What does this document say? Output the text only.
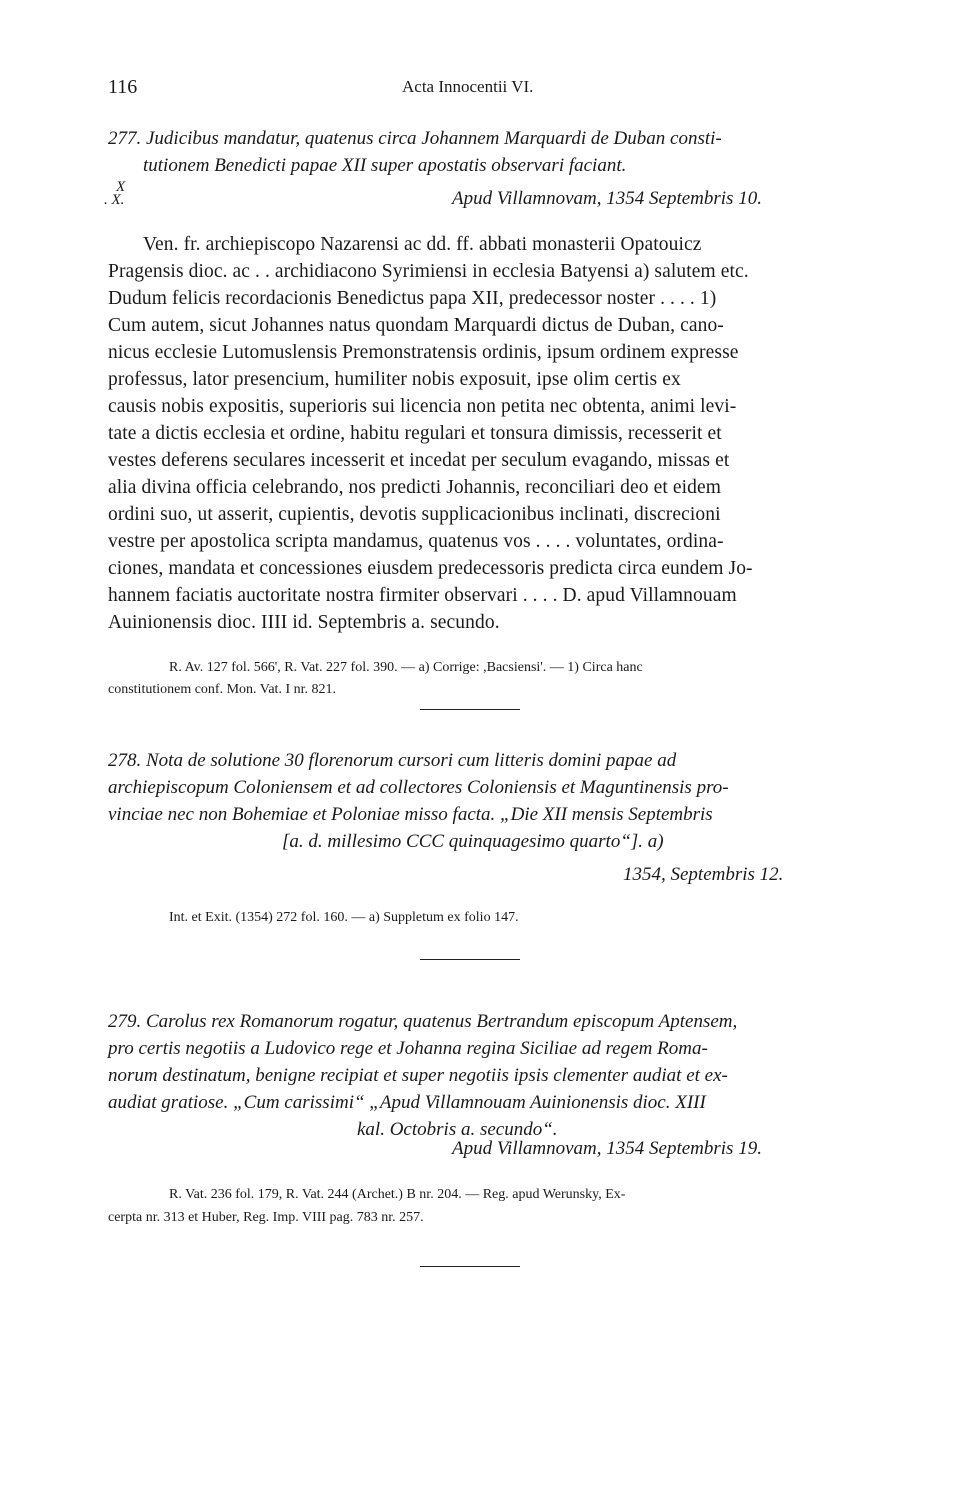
116	Acta Innocentii VI.
277. Judicibus mandatur, quatenus circa Johannem Marquardi de Duban consti-
tutionem Benedicti papae XII super apostatis observari faciant.
X
. X.	Apud Villamnovam, 1354 Septembris 10.
Ven. fr. archiepiscopo Nazarensi ac dd. ff. abbati monasterii Opatouicz
Pragensis dioc. ac . . archidiacono Syrimiensi in ecclesia Batyensi a) salutem etc.
Dudum felicis recordacionis Benedictus papa XII, predecessor noster . . . . 1)
Cum autem, sicut Johannes natus quondam Marquardi dictus de Duban, cano-
nicus ecclesie Lutomuslensis Premonstratensis ordinis, ipsum ordinem expresse
professus, lator presencium, humiliter nobis exposuit, ipse olim certis ex
causis nobis expositis, superioris sui licencia non petita nec obtenta, animi levi-
tate a dictis ecclesia et ordine, habitu regulari et tonsura dimissis, recesserit et
vestes deferens seculares incesserit et incedat per seculum evagando, missas et
alia divina officia celebrando, nos predicti Johannis, reconciliari deo et eidem
ordini suo, ut asserit, cupientis, devotis supplicacionibus inclinati, discrecioni
vestre per apostolica scripta mandamus, quatenus vos . . . . voluntates, ordina-
ciones, mandata et concessiones eiusdem predecessoris predicta circa eundem Jo-
hannem faciatis auctoritate nostra firmiter observari . . . . D. apud Villamnouam
Auinionensis dioc. IIII id. Septembris a. secundo.
R. Av. 127 fol. 566', R. Vat. 227 fol. 390. — a) Corrige: ,Bacsiensi'. — 1) Circa hanc
constitutionem conf. Mon. Vat. I nr. 821.
278. Nota de solutione 30 florenorum cursori cum litteris domini papae ad
archiepiscopum Coloniensem et ad collectores Coloniensis et Maguntinensis pro-
vinciae nec non Bohemiae et Poloniae misso facta. „Die XII mensis Septembris
[a. d. millesimo CCC quinquagesimo quarto“]. a)
1354, Septembris 12.
Int. et Exit. (1354) 272 fol. 160. — a) Suppletum ex folio 147.
279. Carolus rex Romanorum rogatur, quatenus Bertrandum episcopum Aptensem,
pro certis negotiis a Ludovico rege et Johanna regina Siciliae ad regem Roma-
norum destinatum, benigne recipiat et super negotiis ipsis clementer audiat et ex-
audiat gratiose. „Cum carissimi“ „Apud Villamnouam Auinionensis dioc. XIII
kal. Octobris a. secundo“.
Apud Villamnovam, 1354 Septembris 19.
R. Vat. 236 fol. 179, R. Vat. 244 (Archet.) B nr. 204. — Reg. apud Werunsky, Ex-
cerpta nr. 313 et Huber, Reg. Imp. VIII pag. 783 nr. 257.
